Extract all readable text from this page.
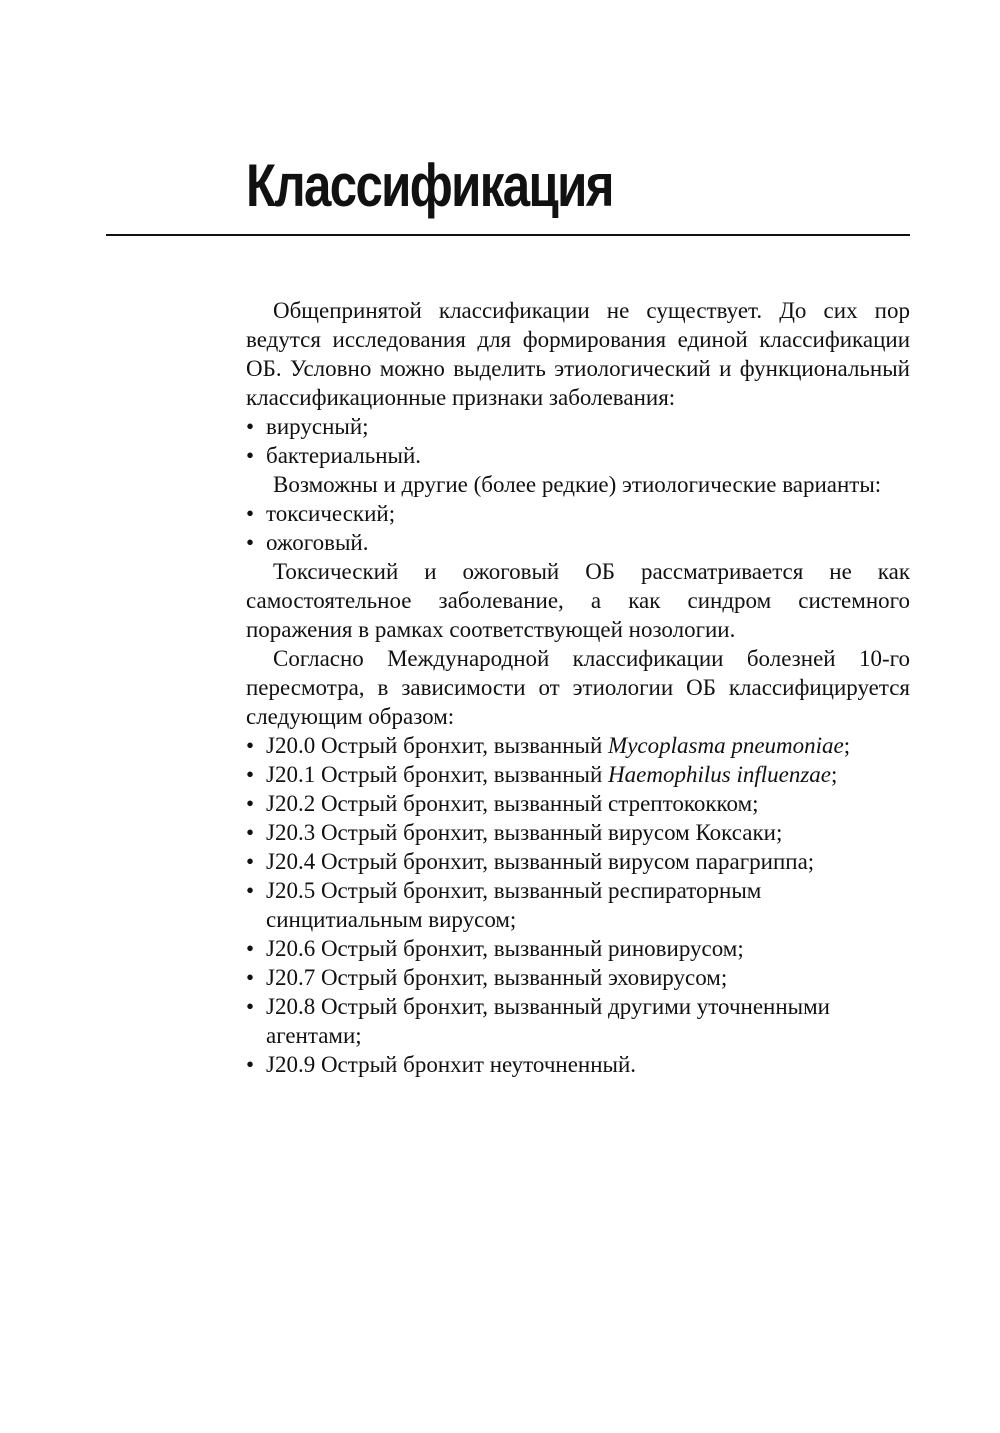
Классификация

Общепринятой классификации не существует. До сих пор ведутся исследования для формирования единой классификации ОБ. Условно можно выделить этиологический и функциональный классификационные признаки заболевания:

• вирусный;
• бактериальный.

Возможны и другие (более редкие) этиологические варианты:

• токсический;
• ожоговый.

Токсический и ожоговый ОБ рассматривается не как самостоятельное заболевание, а как синдром системного поражения в рамках соответствующей нозологии.

Согласно Международной классификации болезней 10-го пересмотра, в зависимости от этиологии ОБ классифицируется следующим образом:

• J20.0 Острый бронхит, вызванный Mycoplasma pneumoniae;
• J20.1 Острый бронхит, вызванный Haemophilus influenzae;
• J20.2 Острый бронхит, вызванный стрептококком;
• J20.3 Острый бронхит, вызванный вирусом Коксаки;
• J20.4 Острый бронхит, вызванный вирусом парагриппа;
• J20.5 Острый бронхит, вызванный респираторным синцитиальным вирусом;
• J20.6 Острый бронхит, вызванный риновирусом;
• J20.7 Острый бронхит, вызванный эховирусом;
• J20.8 Острый бронхит, вызванный другими уточненными агентами;
• J20.9 Острый бронхит неуточненный.
